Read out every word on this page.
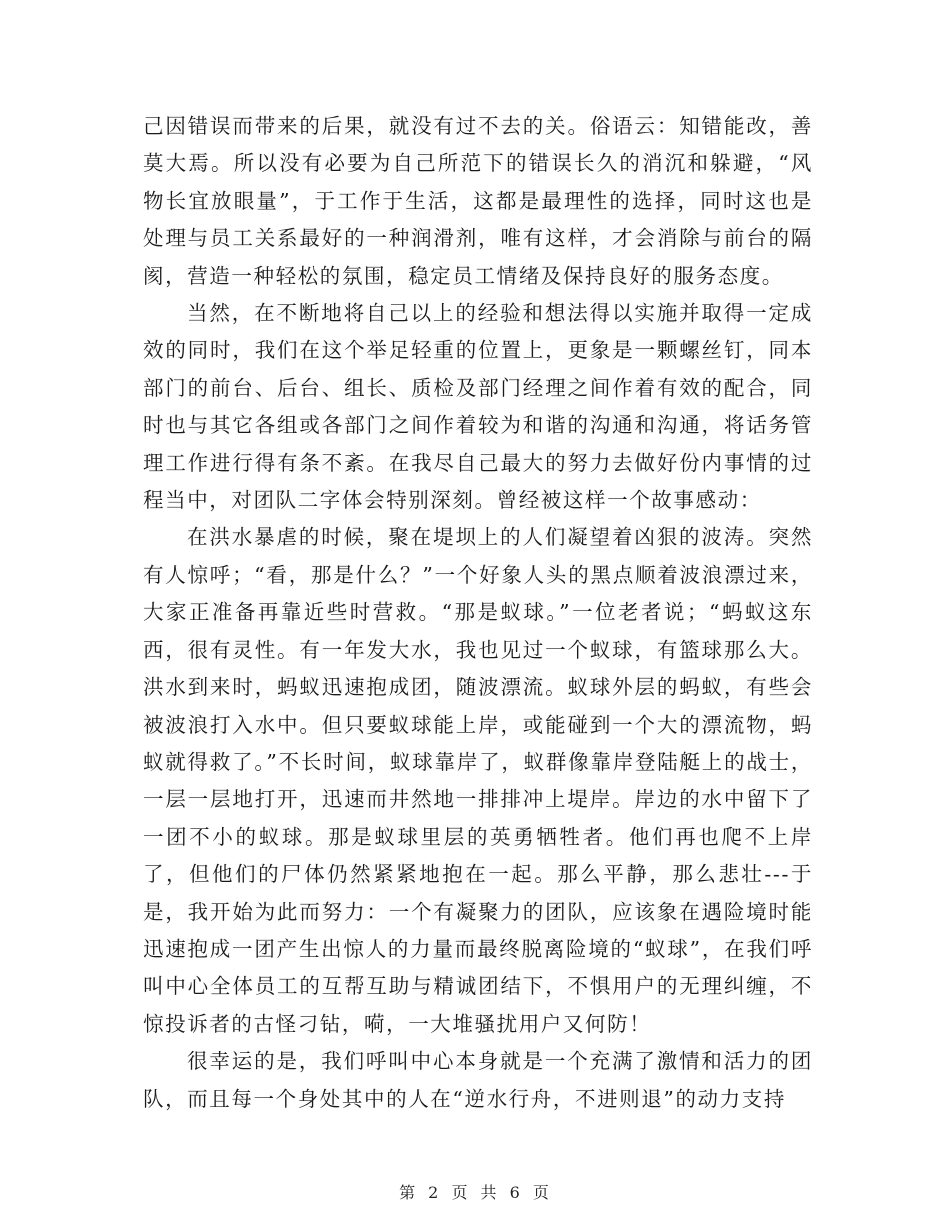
己因错误而带来的后果，就没有过不去的关。俗语云：知错能改，善莫大焉。所以没有必要为自己所范下的错误长久的消沉和躲避，“风物长宜放眼量”，于工作于生活，这都是最理性的选择，同时这也是处理与员工关系最好的一种润滑剂，唯有这样，才会消除与前台的隔阂，营造一种轻松的氛围，稳定员工情绪及保持良好的服务态度。

当然，在不断地将自己以上的经验和想法得以实施并取得一定成效的同时，我们在这个举足轻重的位置上，更象是一颗螺丝钉，同本部门的前台、后台、组长、质检及部门经理之间作着有效的配合，同时也与其它各组或各部门之间作着较为和谐的沟通和沟通，将话务管理工作进行得有条不紊。在我尽自己最大的努力去做好份内事情的过程当中，对团队二字体会特别深刻。曾经被这样一个故事感动：

在洪水暴虐的时候，聚在堤坝上的人们凝望着凶狠的波涛。突然有人惊呼；“看，那是什么？”一个好象人头的黑点顺着波浪漂过来，大家正准备再靠近些时营救。“那是蚁球。”一位老者说；“蚂蚁这东西，很有灵性。有一年发大水，我也见过一个蚁球，有篮球那么大。洪水到来时，蚂蚁迅速抱成团，随波漂流。蚁球外层的蚂蚁，有些会被波浪打入水中。但只要蚁球能上岸，或能碰到一个大的漂流物，蚂蚁就得救了。”不长时间，蚁球靠岸了，蚁群像靠岸登陆艇上的战士，一层一层地打开，迅速而井然地一排排冲上堤岸。岸边的水中留下了一团不小的蚁球。那是蚁球里层的英勇牺牲者。他们再也爬不上岸了，但他们的尸体仍然紧紧地抱在一起。那么平静，那么悲壮---于是，我开始为此而努力：一个有凝聚力的团队，应该象在遇险境时能迅速抱成一团产生出惊人的力量而最终脱离险境的“蚁球”，在我们呼叫中心全体员工的互帮互助与精诚团结下，不惧用户的无理纠缠，不惊投诉者的古怪刁钻，嗬，一大堆骚扰用户又何防！

很幸运的是，我们呼叫中心本身就是一个充满了激情和活力的团队，而且每一个身处其中的人在“逆水行舟，不进则退”的动力支持

第 2 页 共 6 页
